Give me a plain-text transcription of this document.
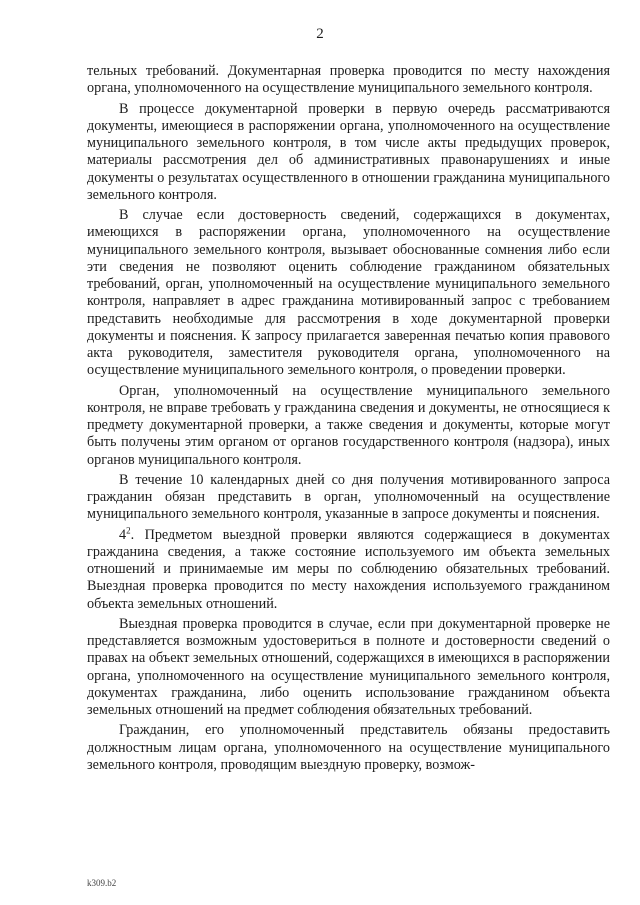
2

тельных требований. Документарная проверка проводится по месту нахождения органа, уполномоченного на осуществление муниципального земельного контроля.

В процессе документарной проверки в первую очередь рассматриваются документы, имеющиеся в распоряжении органа, уполномоченного на осуществление муниципального земельного контроля, в том числе акты предыдущих проверок, материалы рассмотрения дел об административных правонарушениях и иные документы о результатах осуществленного в отношении гражданина муниципального земельного контроля.

В случае если достоверность сведений, содержащихся в документах, имеющихся в распоряжении органа, уполномоченного на осуществление муниципального земельного контроля, вызывает обоснованные сомнения либо если эти сведения не позволяют оценить соблюдение гражданином обязательных требований, орган, уполномоченный на осуществление муниципального земельного контроля, направляет в адрес гражданина мотивированный запрос с требованием представить необходимые для рассмотрения в ходе документарной проверки документы и пояснения. К запросу прилагается заверенная печатью копия правового акта руководителя, заместителя руководителя органа, уполномоченного на осуществление муниципального земельного контроля, о проведении проверки.

Орган, уполномоченный на осуществление муниципального земельного контроля, не вправе требовать у гражданина сведения и документы, не относящиеся к предмету документарной проверки, а также сведения и документы, которые могут быть получены этим органом от органов государственного контроля (надзора), иных органов муниципального контроля.

В течение 10 календарных дней со дня получения мотивированного запроса гражданин обязан представить в орган, уполномоченный на осуществление муниципального земельного контроля, указанные в запросе документы и пояснения.

$4^2$. Предметом выездной проверки являются содержащиеся в документах гражданина сведения, а также состояние используемого им объекта земельных отношений и принимаемые им меры по соблюдению обязательных требований. Выездная проверка проводится по месту нахождения используемого гражданином объекта земельных отношений.

Выездная проверка проводится в случае, если при документарной проверке не представляется возможным удостовериться в полноте и достоверности сведений о правах на объект земельных отношений, содержащихся в имеющихся в распоряжении органа, уполномоченного на осуществление муниципального земельного контроля, документах гражданина, либо оценить использование гражданином объекта земельных отношений на предмет соблюдения обязательных требований.

Гражданин, его уполномоченный представитель обязаны предоставить должностным лицам органа, уполномоченного на осуществление муниципального земельного контроля, проводящим выездную проверку, возмож-

k309.b2
